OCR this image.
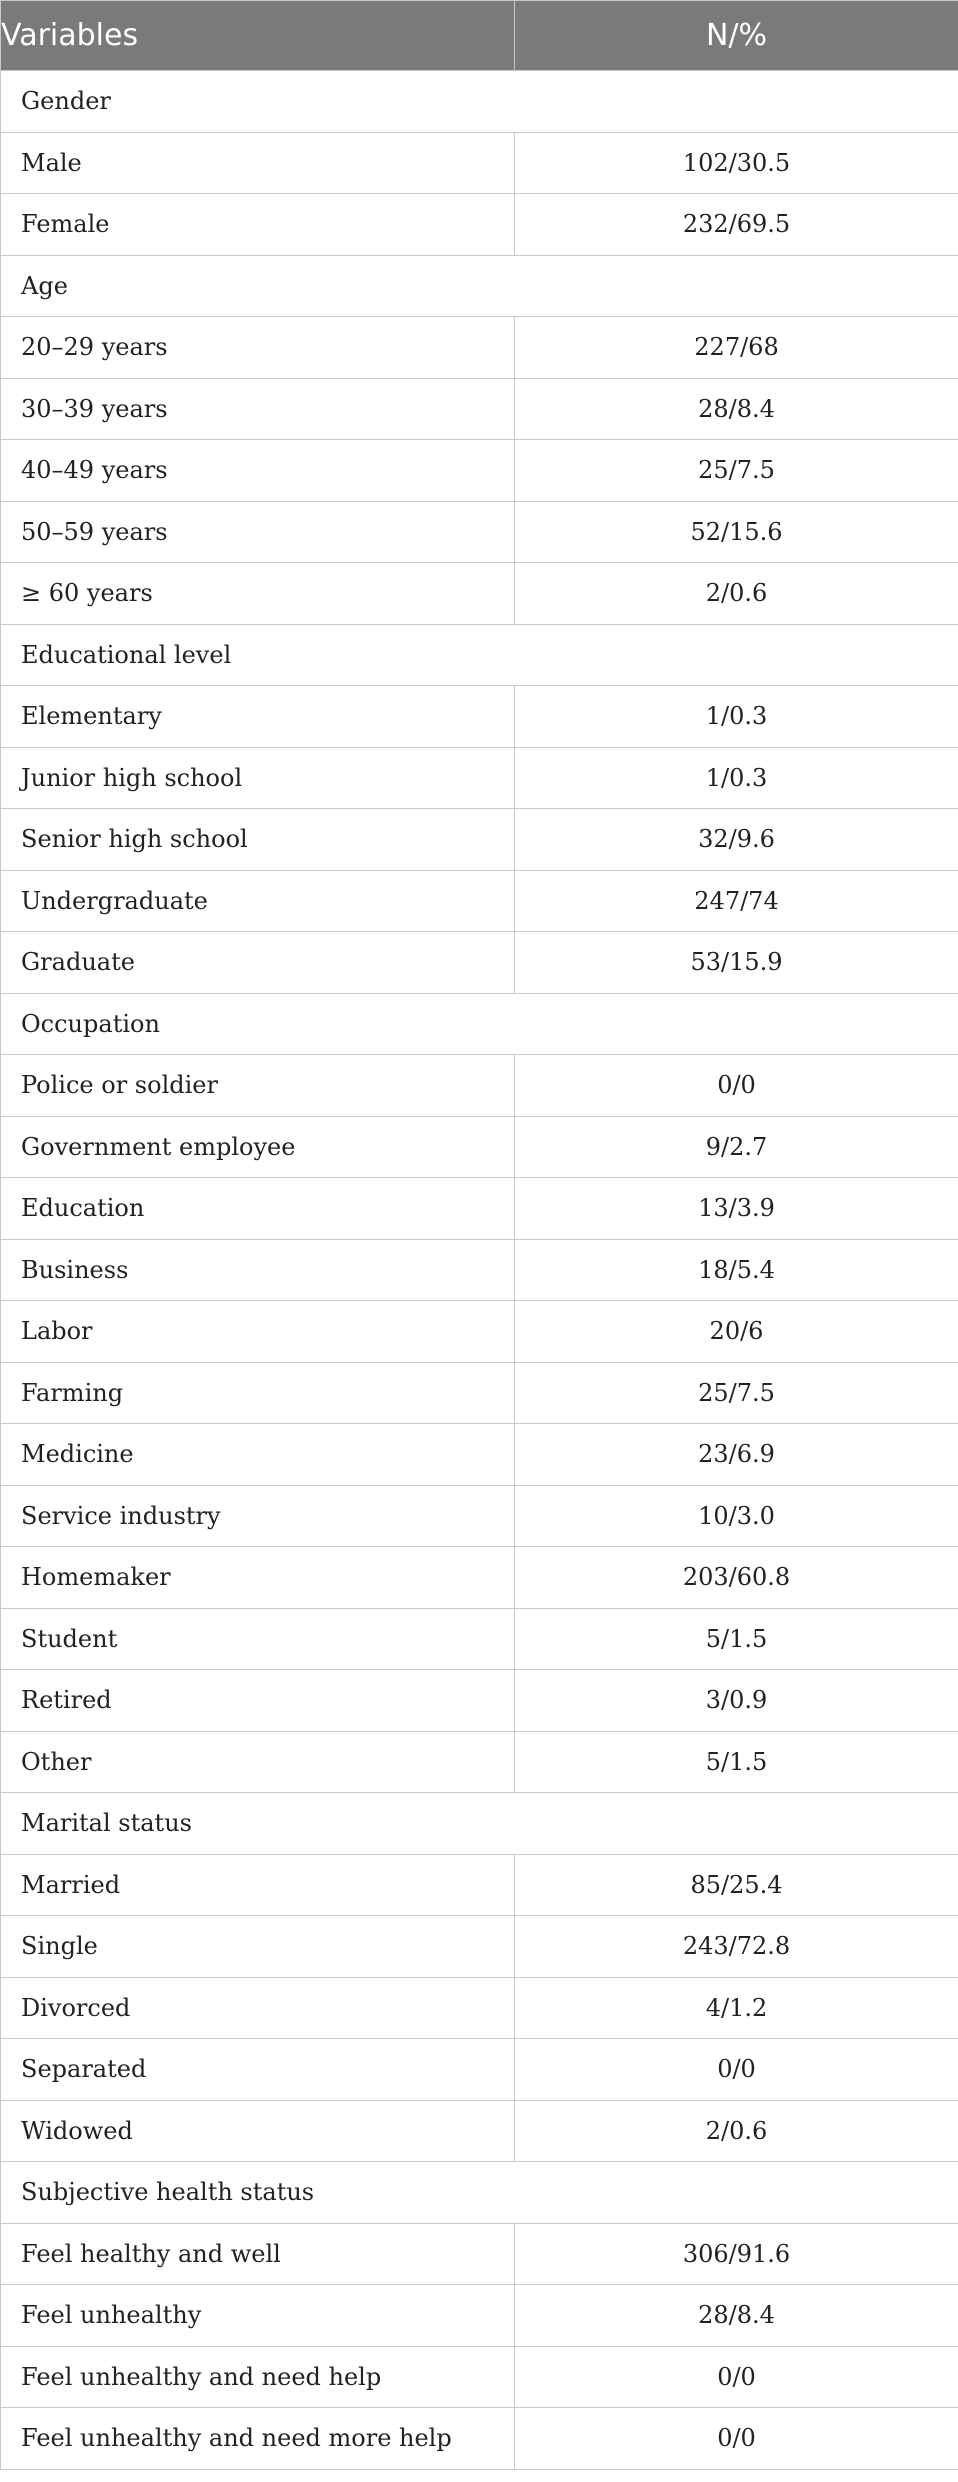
Variables	N/%
Gender	
Male	102/30.5
Female	232/69.5
Age	
20–29 years	227/68
30–39 years	28/8.4
40–49 years	25/7.5
50–59 years	52/15.6
≥ 60 years	2/0.6
Educational level	
Elementary	1/0.3
Junior high school	1/0.3
Senior high school	32/9.6
Undergraduate	247/74
Graduate	53/15.9
Occupation	
Police or soldier	0/0
Government employee	9/2.7
Education	13/3.9
Business	18/5.4
Labor	20/6
Farming	25/7.5
Medicine	23/6.9
Service industry	10/3.0
Homemaker	203/60.8
Student	5/1.5
Retired	3/0.9
Other	5/1.5
Marital status	
Married	85/25.4
Single	243/72.8
Divorced	4/1.2
Separated	0/0
Widowed	2/0.6
Subjective health status	
Feel healthy and well	306/91.6
Feel unhealthy	28/8.4
Feel unhealthy and need help	0/0
Feel unhealthy and need more help	0/0
